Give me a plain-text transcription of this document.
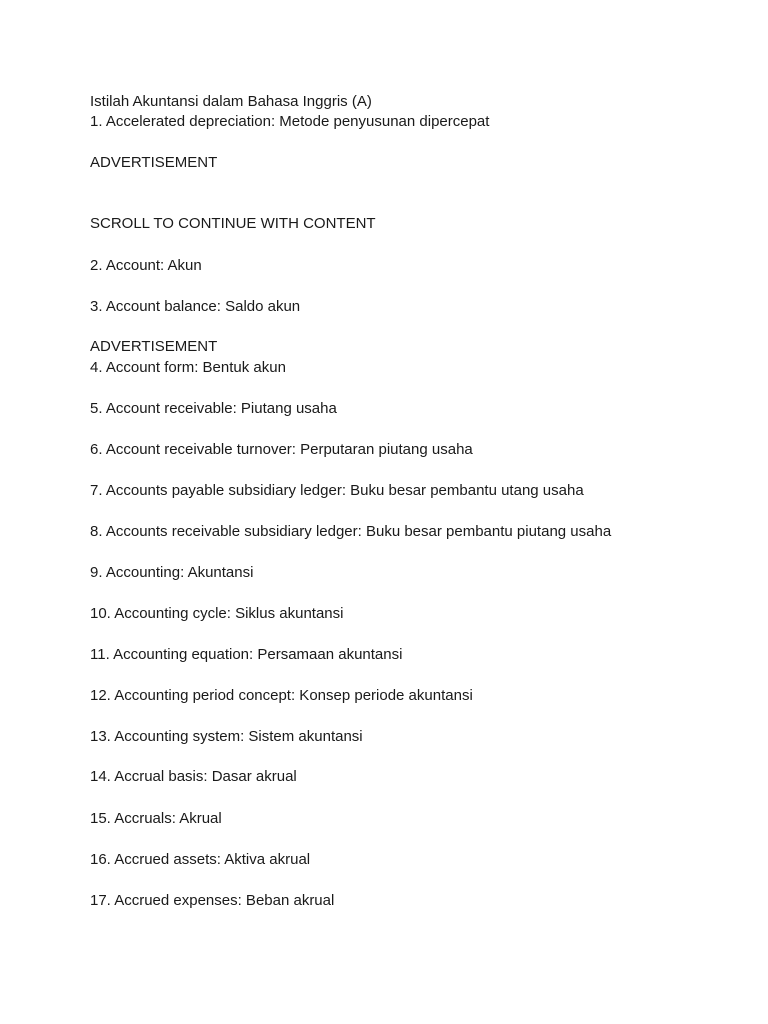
Istilah Akuntansi dalam Bahasa Inggris (A)
1. Accelerated depreciation: Metode penyusunan dipercepat
ADVERTISEMENT
SCROLL TO CONTINUE WITH CONTENT
2. Account: Akun
3. Account balance: Saldo akun
ADVERTISEMENT
4. Account form: Bentuk akun
5. Account receivable: Piutang usaha
6. Account receivable turnover: Perputaran piutang usaha
7. Accounts payable subsidiary ledger: Buku besar pembantu utang usaha
8. Accounts receivable subsidiary ledger: Buku besar pembantu piutang usaha
9. Accounting: Akuntansi
10. Accounting cycle: Siklus akuntansi
11. Accounting equation: Persamaan akuntansi
12. Accounting period concept: Konsep periode akuntansi
13. Accounting system: Sistem akuntansi
14. Accrual basis: Dasar akrual
15. Accruals: Akrual
16. Accrued assets: Aktiva akrual
17. Accrued expenses: Beban akrual
